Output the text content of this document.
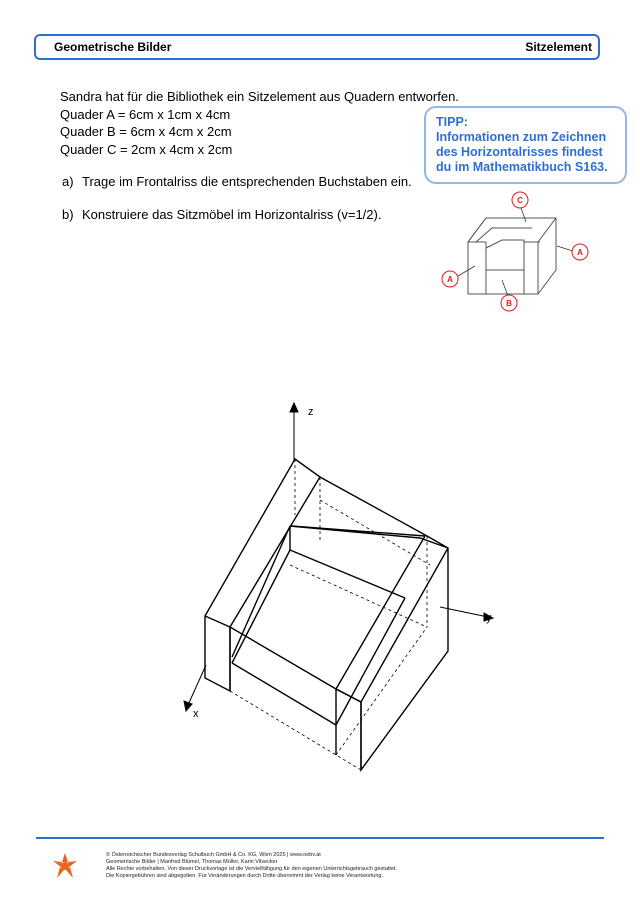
Geometrische Bilder	Sitzelement
Sandra hat für die Bibliothek ein Sitzelement aus Quadern entworfen.
Quader A = 6cm x 1cm x 4cm
Quader B = 6cm x 4cm x 2cm
Quader C = 2cm x 4cm x 2cm
a) Trage im Frontalriss die entsprechenden Buchstaben ein.
b) Konstruiere das Sitzmöbel im Horizontalriss (v=1/2).
TIPP:
Informationen zum Zeichnen
des Horizontalrisses findest
du im Mathematikbuch S163.
C
A
A
B
z
y
x
© Österreichischer Bundesverlag Schulbuch GmbH & Co. KG, Wien 2025 | www.oebv.at
Geometrische Bilder | Manfred Blümel, Thomas Müller, Karin Vilsecker
Alle Rechte vorbehalten. Von dieser Druckvorlage ist die Vervielfältigung für den eigenen Unterrichtsgebrauch gestattet.
Die Kopiergebühren sind abgegolten. Für Veränderungen durch Dritte übernimmt der Verlag keine Verantwortung.
